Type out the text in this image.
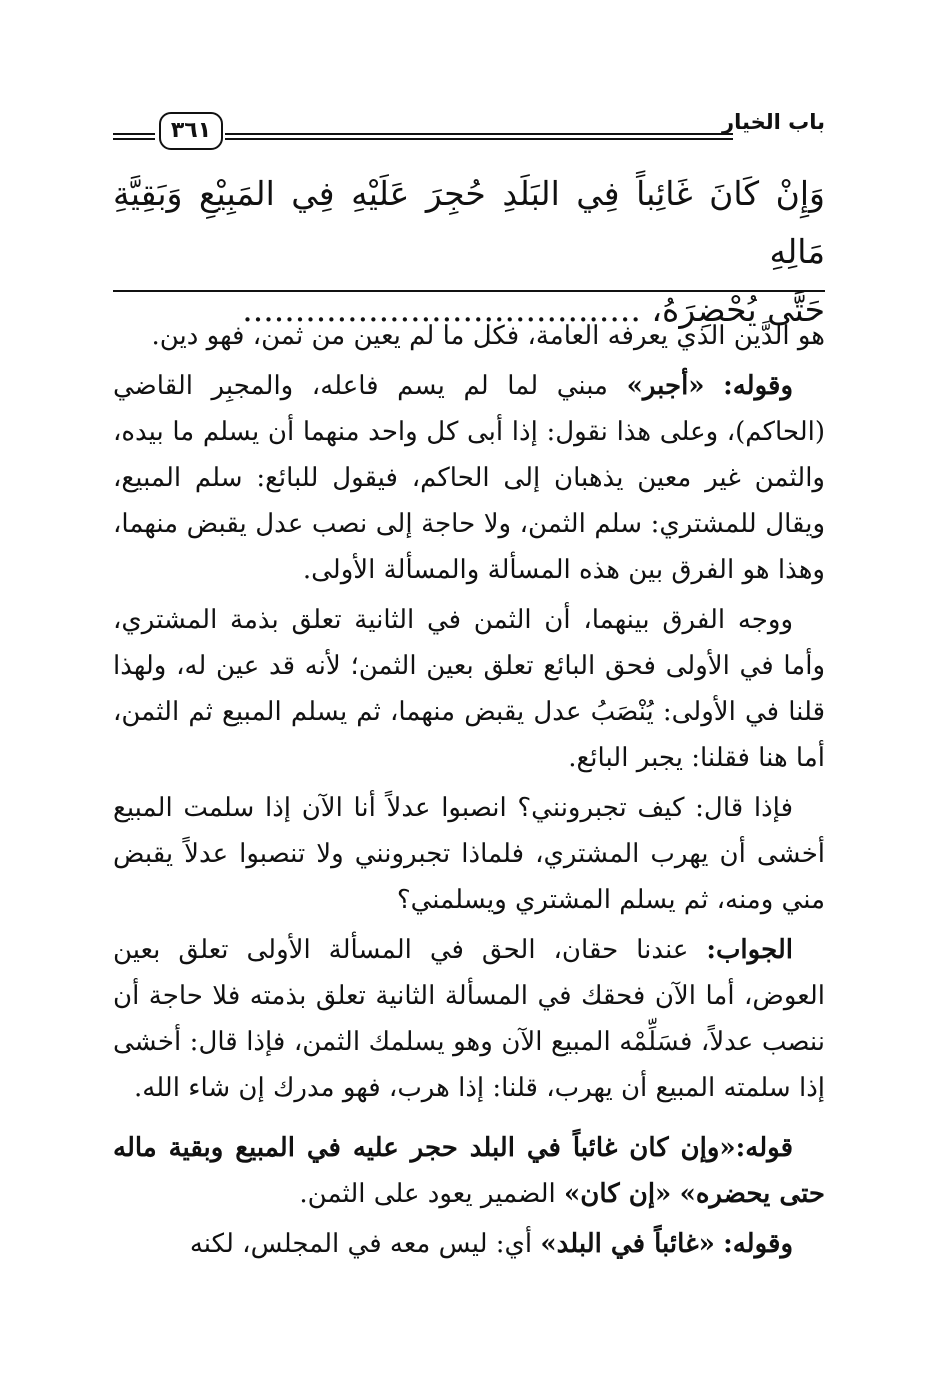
باب الخيار
٣٦١
وَإِنْ كَانَ غَائِباً فِي البَلَدِ حُجِرَ عَلَيْهِ فِي المَبِيْعِ وَبَقِيَّةِ مَالِهِ
حَتَّى يُحْضِرَهُ، ......................................

هو الدَّين الذي يعرفه العامة، فكل ما لم يعين من ثمن، فهو دين.

وقوله: «أجبر» مبني لما لم يسم فاعله، والمجبِر القاضي (الحاكم)، وعلى هذا نقول: إذا أبى كل واحد منهما أن يسلم ما بيده، والثمن غير معين يذهبان إلى الحاكم، فيقول للبائع: سلم المبيع، ويقال للمشتري: سلم الثمن، ولا حاجة إلى نصب عدل يقبض منهما، وهذا هو الفرق بين هذه المسألة والمسألة الأولى.

ووجه الفرق بينهما، أن الثمن في الثانية تعلق بذمة المشتري، وأما في الأولى فحق البائع تعلق بعين الثمن؛ لأنه قد عين له، ولهذا قلنا في الأولى: يُنْصَبُ عدل يقبض منهما، ثم يسلم المبيع ثم الثمن، أما هنا فقلنا: يجبر البائع.

فإذا قال: كيف تجبرونني؟ انصبوا عدلاً أنا الآن إذا سلمت المبيع أخشى أن يهرب المشتري، فلماذا تجبرونني ولا تنصبوا عدلاً يقبض مني ومنه، ثم يسلم المشتري ويسلمني؟

الجواب: عندنا حقان، الحق في المسألة الأولى تعلق بعين العوض، أما الآن فحقك في المسألة الثانية تعلق بذمته فلا حاجة أن ننصب عدلاً، فسَلِّمْه المبيع الآن وهو يسلمك الثمن، فإذا قال: أخشى إذا سلمته المبيع أن يهرب، قلنا: إذا هرب، فهو مدرك إن شاء الله.

قوله:«وإن كان غائباً في البلد حجر عليه في المبيع وبقية ماله حتى يحضره» «إن كان» الضمير يعود على الثمن.

وقوله: «غائباً في البلد» أي: ليس معه في المجلس، لكنه
